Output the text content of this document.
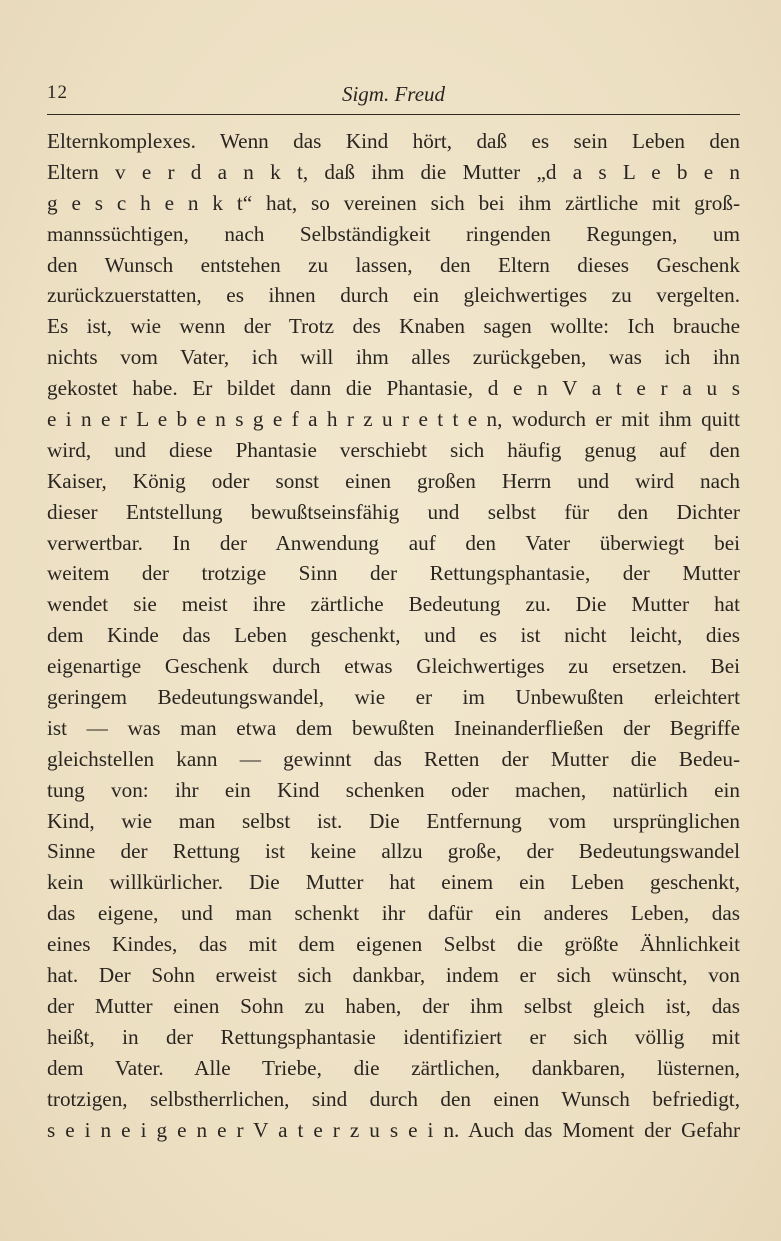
12	Sigm. Freud
Elternkomplexes. Wenn das Kind hört, daß es sein Leben den
Eltern v e r d a n k t, daß ihm die Mutter „d a s L e b e n
g e s c h e n k t“ hat, so vereinen sich bei ihm zärtliche mit groß-
mannssüchtigen, nach Selbständigkeit ringenden Regungen, um
den Wunsch entstehen zu lassen, den Eltern dieses Geschenk
zurückzuerstatten, es ihnen durch ein gleichwertiges zu vergelten.
Es ist, wie wenn der Trotz des Knaben sagen wollte: Ich brauche
nichts vom Vater, ich will ihm alles zurückgeben, was ich ihn
gekostet habe. Er bildet dann die Phantasie, d e n V a t e r a u s
e i n e r L e b e n s g e f a h r z u r e t t e n, wodurch er mit ihm quitt
wird, und diese Phantasie verschiebt sich häufig genug auf den
Kaiser, König oder sonst einen großen Herrn und wird nach
dieser Entstellung bewußtseinsfähig und selbst für den Dichter
verwertbar. In der Anwendung auf den Vater überwiegt bei
weitem der trotzige Sinn der Rettungsphantasie, der Mutter
wendet sie meist ihre zärtliche Bedeutung zu. Die Mutter hat
dem Kinde das Leben geschenkt, und es ist nicht leicht, dies
eigenartige Geschenk durch etwas Gleichwertiges zu ersetzen. Bei
geringem Bedeutungswandel, wie er im Unbewußten erleichtert
ist — was man etwa dem bewußten Ineinanderfließen der Begriffe
gleichstellen kann — gewinnt das Retten der Mutter die Bedeu-
tung von: ihr ein Kind schenken oder machen, natürlich ein
Kind, wie man selbst ist. Die Entfernung vom ursprünglichen
Sinne der Rettung ist keine allzu große, der Bedeutungswandel
kein willkürlicher. Die Mutter hat einem ein Leben geschenkt,
das eigene, und man schenkt ihr dafür ein anderes Leben, das
eines Kindes, das mit dem eigenen Selbst die größte Ähnlichkeit
hat. Der Sohn erweist sich dankbar, indem er sich wünscht, von
der Mutter einen Sohn zu haben, der ihm selbst gleich ist, das
heißt, in der Rettungsphantasie identifiziert er sich völlig mit
dem Vater. Alle Triebe, die zärtlichen, dankbaren, lüsternen,
trotzigen, selbstherrlichen, sind durch den einen Wunsch befriedigt,
s e i n e i g e n e r V a t e r z u s e i n. Auch das Moment der Gefahr
